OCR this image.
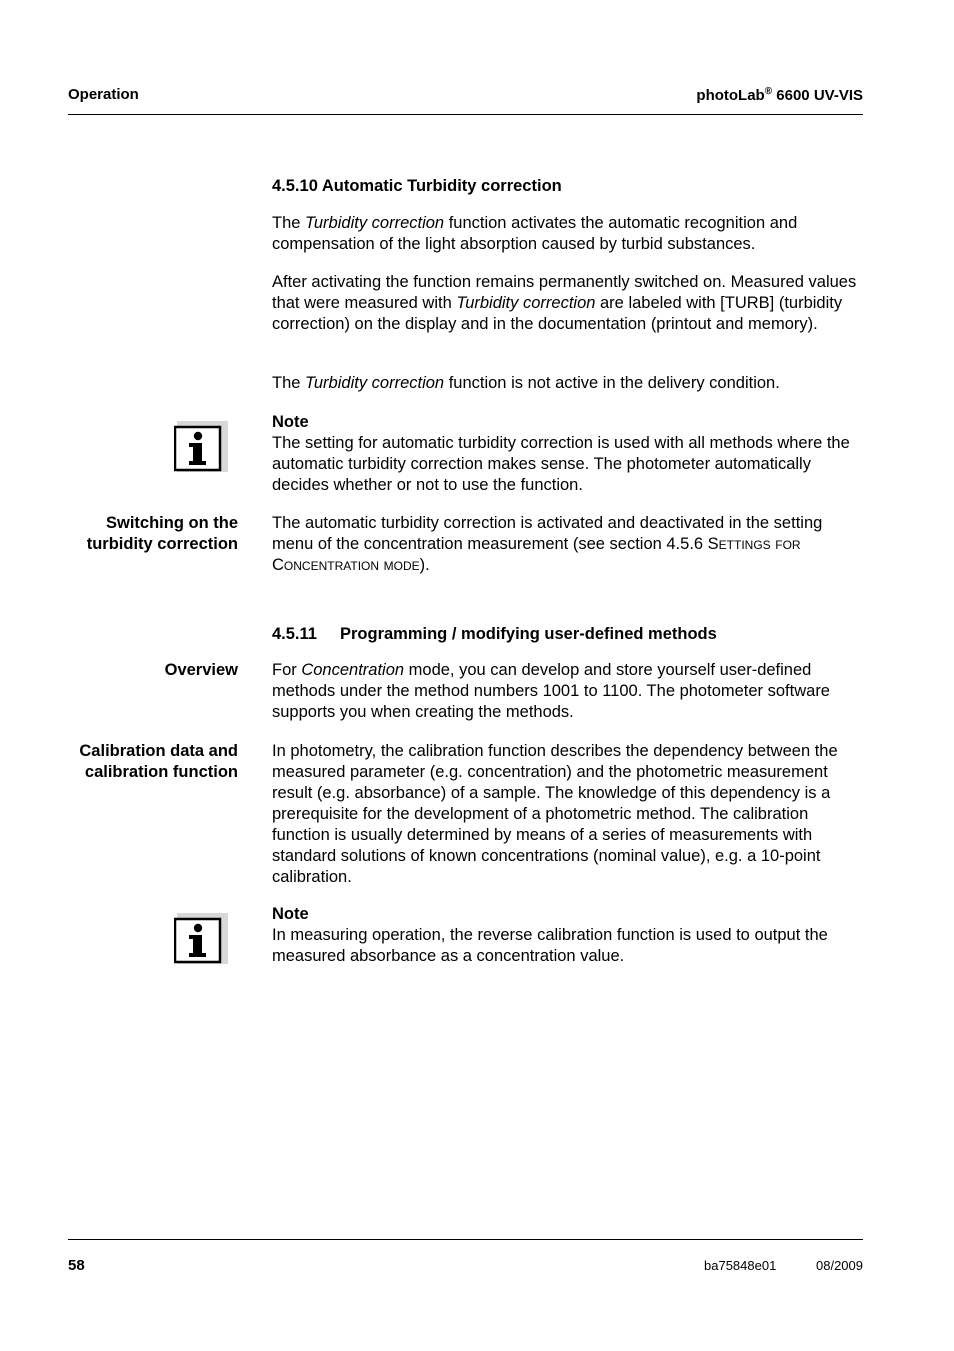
Operation	photoLab® 6600 UV-VIS
4.5.10 Automatic Turbidity correction

The Turbidity correction function activates the automatic recognition and compensation of the light absorption caused by turbid substances.

After activating the function remains permanently switched on. Measured values that were measured with Turbidity correction are labeled with [TURB] (turbidity correction) on the display and in the documentation (printout and memory).

The Turbidity correction function is not active in the delivery condition.

Note
The setting for automatic turbidity correction is used with all methods where the automatic turbidity correction makes sense. The photometer automatically decides whether or not to use the function.

Switching on the
turbidity correction

The automatic turbidity correction is activated and deactivated in the setting menu of the concentration measurement (see section 4.5.6 Settings for Concentration mode).

4.5.11 Programming / modifying user-defined methods

Overview For Concentration mode, you can develop and store yourself user-defined methods under the method numbers 1001 to 1100. The photometer software supports you when creating the methods.

Calibration data and
calibration function

In photometry, the calibration function describes the dependency between the measured parameter (e.g. concentration) and the photometric measurement result (e.g. absorbance) of a sample. The knowledge of this dependency is a prerequisite for the development of a photometric method. The calibration function is usually determined by means of a series of measurements with standard solutions of known concentrations (nominal value), e.g. a 10-point calibration.

Note
In measuring operation, the reverse calibration function is used to output the measured absorbance as a concentration value.

58	ba75848e01	08/2009
